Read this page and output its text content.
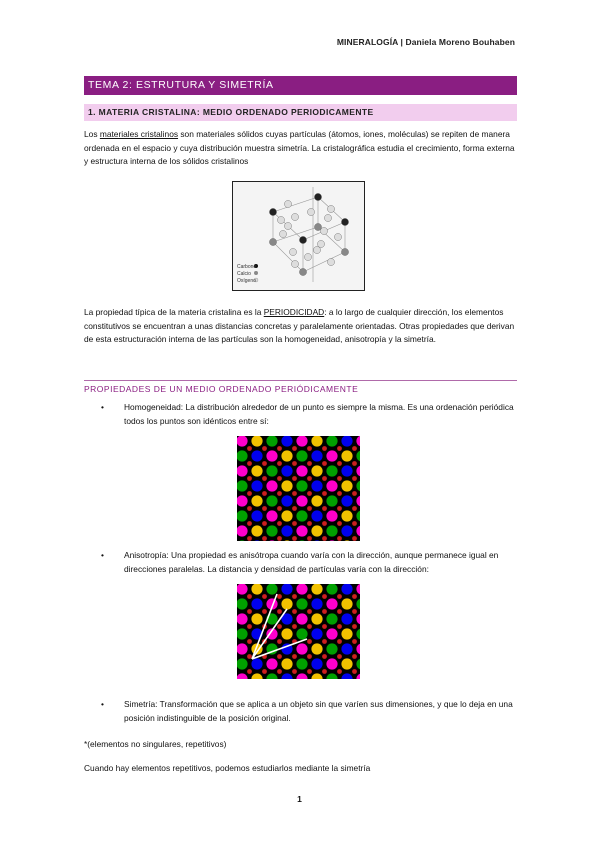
MINERALOGÍA | Daniela Moreno Bouhaben
TEMA 2: ESTRUTURA Y SIMETRÍA
1. MATERIA CRISTALINA: MEDIO ORDENADO PERIODICAMENTE
Los materiales cristalinos son materiales sólidos cuyas partículas (átomos, iones, moléculas) se repiten de manera ordenada en el espacio y cuya distribución muestra simetría. La cristalográfica estudia el crecimiento, forma externa y estructura interna de los sólidos cristalinos
Carbono
Calcio
Oxígeno
La propiedad típica de la materia cristalina es la PERIODICIDAD: a lo largo de cualquier dirección, los elementos constitutivos se encuentran a unas distancias concretas y paralelamente orientadas. Otras propiedades que derivan de esta estructuración interna de las partículas son la homogeneidad, anisotropía y la simetría.
PROPIEDADES DE UN MEDIO ORDENADO PERIÓDICAMENTE
• Homogeneidad: La distribución alrededor de un punto es siempre la misma. Es una ordenación periódica todos los puntos son idénticos entre sí:
• Anisotropía: Una propiedad es anisótropa cuando varía con la dirección, aunque permanece igual en direcciones paralelas. La distancia y densidad de partículas varía con la dirección:
• Simetría: Transformación que se aplica a un objeto sin que varíen sus dimensiones, y que lo deja en una posición indistinguible de la posición original.
*(elementos no singulares, repetitivos)
Cuando hay elementos repetitivos, podemos estudiarlos mediante la simetría
1
